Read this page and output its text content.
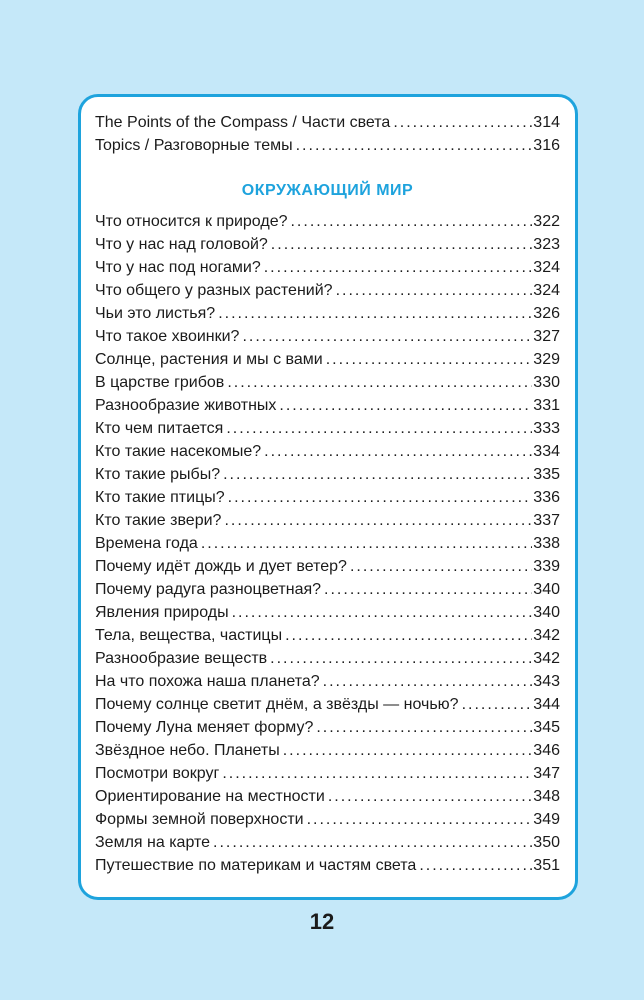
The Points of the Compass / Части света .....	314
Topics / Разговорные темы .....	316
ОКРУЖАЮЩИЙ МИР
Что относится к природе? .....	322
Что у нас над головой? .....	323
Что у нас под ногами? .....	324
Что общего у разных растений? .....	324
Чьи это листья? .....	326
Что такое хвоинки? .....	327
Солнце, растения и мы с вами .....	329
В царстве грибов .....	330
Разнообразие животных .....	331
Кто чем питается .....	333
Кто такие насекомые? .....	334
Кто такие рыбы? .....	335
Кто такие птицы? .....	336
Кто такие звери? .....	337
Времена года .....	338
Почему идёт дождь и дует ветер? .....	339
Почему радуга разноцветная? .....	340
Явления природы .....	340
Тела, вещества, частицы .....	342
Разнообразие веществ .....	342
На что похожа наша планета? .....	343
Почему солнце светит днём, а звёзды — ночью? .....	344
Почему Луна меняет форму? .....	345
Звёздное небо. Планеты .....	346
Посмотри вокруг .....	347
Ориентирование на местности .....	348
Формы земной поверхности .....	349
Земля на карте .....	350
Путешествие по материкам и частям света .....	351
12
